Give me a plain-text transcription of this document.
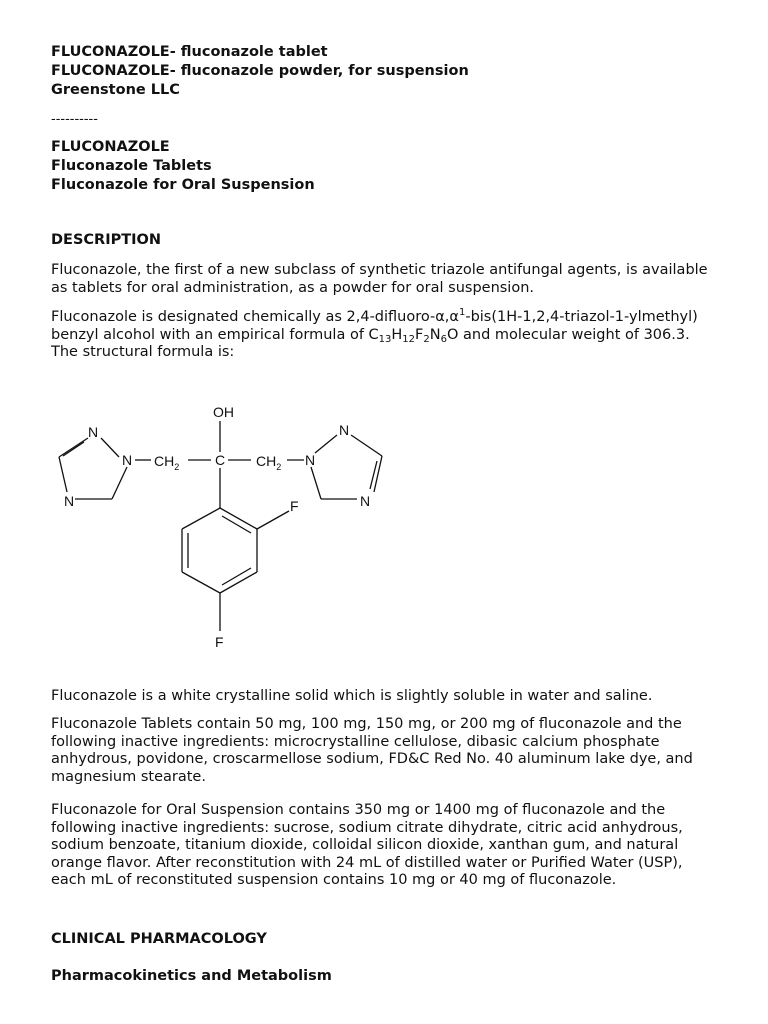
FLUCONAZOLE- fluconazole tablet
FLUCONAZOLE- fluconazole powder, for suspension
Greenstone LLC
----------
FLUCONAZOLE
Fluconazole Tablets
Fluconazole for Oral Suspension
DESCRIPTION

Fluconazole, the first of a new subclass of synthetic triazole antifungal agents, is available as tablets for oral administration, as a powder for oral suspension.

Fluconazole is designated chemically as $2,4-difluoro-\alpha,\alpha^1-bis(1H-1,2,4-triazol-1-ylmethyl)$ benzyl alcohol with an empirical formula of $C_{13}H_{12}F_2N_6O$ and molecular weight of 306.3. The structural formula is:

OH
N
N
N
$CH_2$	C $CH_2$ N
N
N
F
F

Fluconazole is a white crystalline solid which is slightly soluble in water and saline.

Fluconazole Tablets contain 50 mg, 100 mg, 150 mg, or 200 mg of fluconazole and the following inactive ingredients: microcrystalline cellulose, dibasic calcium phosphate anhydrous, povidone, croscarmellose sodium, FD&C Red No. 40 aluminum lake dye, and magnesium stearate.

Fluconazole for Oral Suspension contains 350 mg or 1400 mg of fluconazole and the following inactive ingredients: sucrose, sodium citrate dihydrate, citric acid anhydrous, sodium benzoate, titanium dioxide, colloidal silicon dioxide, xanthan gum, and natural orange flavor. After reconstitution with 24 mL of distilled water or Purified Water (USP), each mL of reconstituted suspension contains 10 mg or 40 mg of fluconazole.

CLINICAL PHARMACOLOGY
Pharmacokinetics and Metabolism
